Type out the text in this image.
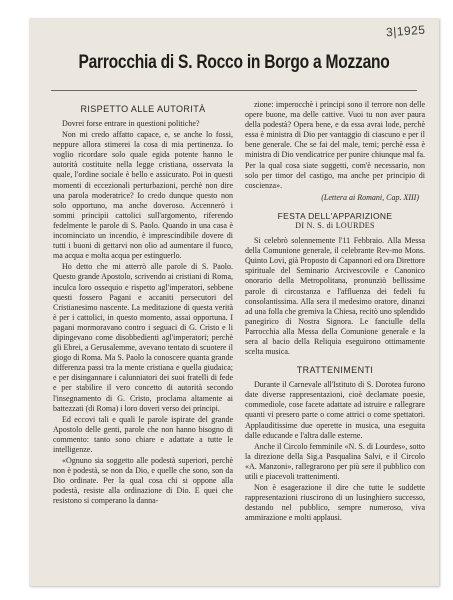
3|1925
Parrocchia di S. Rocco in Borgo a Mozzano
RISPETTO ALLE AUTORITÀ

Dovrei forse entrare in questioni politiche?

Non mi credo affatto capace, e, se anche lo fossi, neppure allora stimerei la cosa di mia pertinenza. Io voglio ricordare solo quale egida potente hanno le autorità costituite nella legge cristiana, osservata la quale, l'ordine sociale è bello e assicurato. Poi in questi momenti di eccezionali perturbazioni, perchè non dire una parola moderatrice? Io credo dunque questo non solo opportuno, ma anche doveroso. Accennerò i sommi principii cattolici sull'argomento, riferendo fedelmente le parole di S. Paolo. Quando in una casa è incominciato un incendio, è imprescindibile dovere di tutti i buoni di gettarvi non olio ad aumentare il fuoco, ma acqua e molta acqua per estinguerlo.

Ho detto che mi atterrò alle parole di S. Paolo. Questo grande Apostolo, scrivendo ai cristiani di Roma, inculca loro ossequio e rispetto agl'imperatori, sebbene questi fossero Pagani e accaniti persecutori del Cristianesimo nascente. La meditazione di questa verità è per i cattolici, in questo momento, assai opportuna. I pagani mormoravano contro i seguaci di G. Cristo e li dipingevano come disobbedienti agl'imperatori; perchè gli Ebrei, a Gerusalemme, avevano tentato di scuotere il giogo di Roma. Ma S. Paolo la conoscere quanta grande differenza passi tra la mente cristiana e quella giudaica; e per disingannare i calunniatori dei suoi fratelli di fede e per stabilire il vero concetto di autorità secondo l'insegnamento di G. Cristo, proclama altamente ai battezzati (di Roma) i loro doveri verso dei principi.

Ed eccovi tali e quali le parole ispirate del grande Apostolo delle genti, parole che non hanno bisogno di commento: tanto sono chiare e adattate a tutte le intelligenze.

«Ognuno sia soggetto alle podestà superiori, perchè non è podestà, se non da Dio, e quelle che sono, son da Dio ordinate. Per la qual cosa chi si oppone alla podestà, resiste alla ordinazione di Dio. E quei che resistono si comperano la danna-

zione: imperocchè i principi sono il terrore non delle opere buone, ma delle cattive. Vuoi tu non aver paura della podestà? Opera bene, e da essa avrai lode, perchè essa è ministra di Dio per vantaggio di ciascuno e per il bene generale. Che se fai del male, temi; perchè essa è ministra di Dio vendicatrice per punire chiunque mal fa. Per la qual cosa siate soggetti, com'è necessario, non solo per timor del castigo, ma anche per principio di coscienza».

(Lettera ai Romani, Cap. XIII)
FESTA DELL'APPARIZIONE
DI N. S. di LOURDES

Si celebrò solennemente l'11 Febbraio. Alla Messa della Comunione generale, il celebrante Rev-mo Mons. Quinto Lovi, già Proposto di Capannori ed ora Direttore spirituale del Seminario Arcivescovile e Canonico onorario della Metropolitana, pronunziò bellissime parole di circostanza e l'affluenza dei fedeli fu consolantissima. Alla sera il medesimo oratore, dinanzi ad una folla che gremiva la Chiesa, recitò uno splendido panegirico di Nostra Signora. Le fanciulle della Parrocchia alla Messa della Comunione generale e la sera al bacio della Reliquia eseguirono ottimamente scelta musica.

TRATTENIMENTI

Durante il Carnevale all'Istituto di S. Dorotea furono date diverse rappresentazioni, cioè declamate poesie, commediole, cose facete adattate ad istruire e rallegrare quanti vi presero parte o come attrici o come spettatori. Applauditissime due operette in musica, una eseguita dalle educande e l'altra dalle esterne.

Anche il Circolo femminile «N. S. di Lourdes», sotto la direzione della Sig.a Pasqualina Salvi, e il Circolo «A. Manzoni», rallegrarono per più sere il pubblico con utili e piacevoli trattenimenti.

Non è esagerazione il dire che tutte le suddette rappresentazioni riuscirono di un lusinghiero successo, destando nel pubblico, sempre numeroso, viva ammirazione e molti applausi.
